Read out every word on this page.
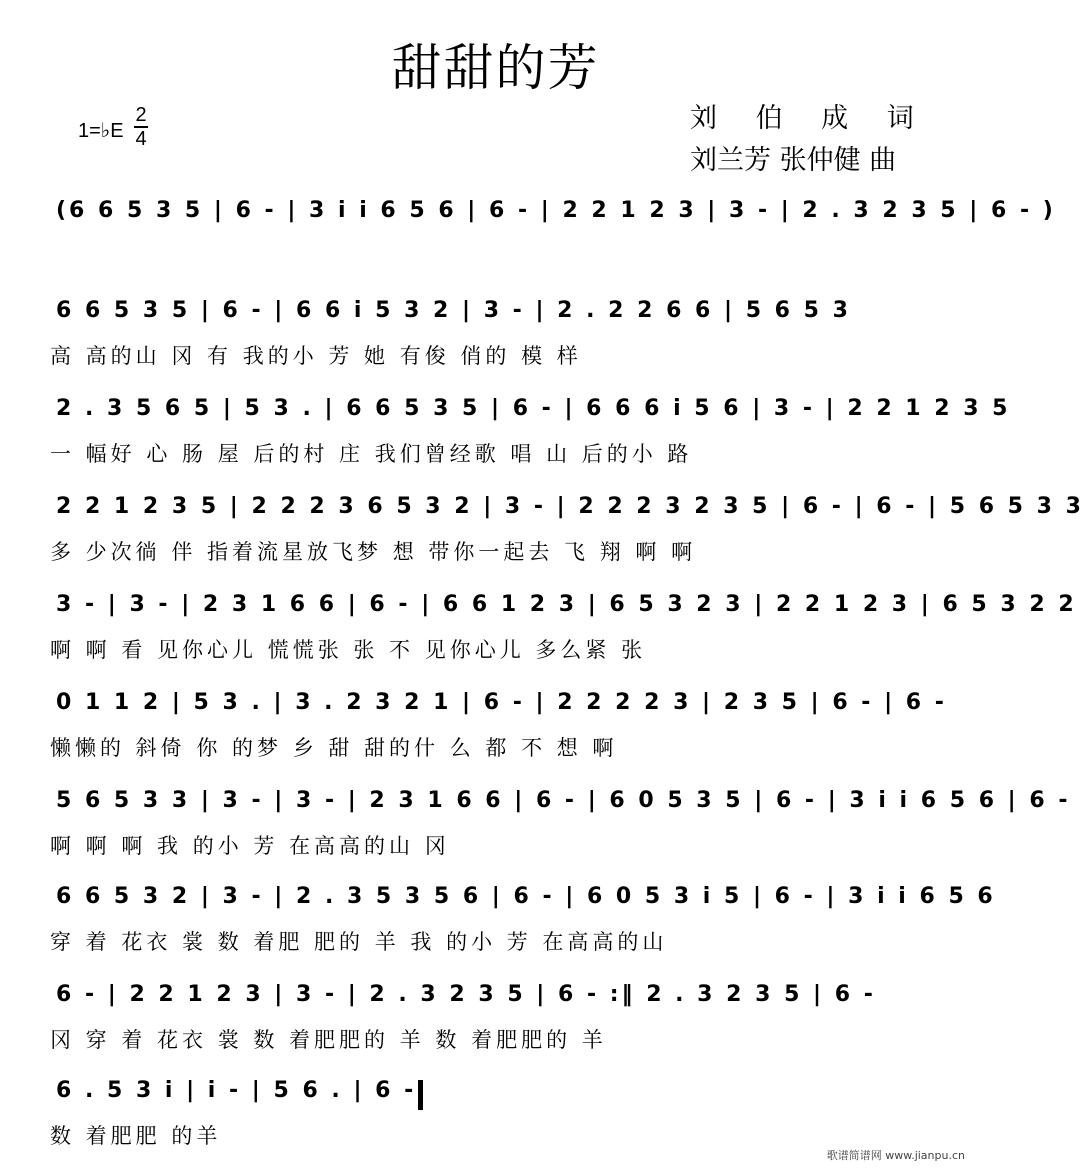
甜甜的芳
1=♭E
2
4
刘 伯 成 词
刘兰芳 张仲健 曲
(6 6 5 3 5 | 6 - | 3 i i 6 5 6 | 6 - | 2 2 1 2 3 | 3 - | 2 . 3 2 3 5 | 6 - )
6 6 5 3 5 | 6 - | 6 6 i 5 3 2 | 3 - | 2 . 2 2 6 6 | 5 6 5 3
高 高的山 冈 有 我的小 芳 她 有俊 俏的 模 样
2 . 3 5 6 5 | 5 3 . | 6 6 5 3 5 | 6 - | 6 6 6 i 5 6 | 3 - | 2 2 1 2 3 5
一 幅好 心 肠 屋 后的村 庄 我们曾经歌 唱 山 后的小 路
2 2 1 2 3 5 | 2 2 2 3 6 5 3 2 | 3 - | 2 2 2 3 2 3 5 | 6 - | 6 - | 5 6 5 3 3
多 少次徜 伴 指着流星放飞梦 想 带你一起去 飞 翔 啊 啊
3 - | 3 - | 2 3 1 6 6 | 6 - | 6 6 1 2 3 | 6 5 3 2 3 | 2 2 1 2 3 | 6 5 3 2 2
啊 啊 看 见你心儿 慌慌张 张 不 见你心儿 多么紧 张
0 1 1 2 | 5 3 . | 3 . 2 3 2 1 | 6 - | 2 2 2 2 3 | 2 3 5 | 6 - | 6 -
懒懒的 斜倚 你 的梦 乡 甜 甜的什 么 都 不 想 啊
5 6 5 3 3 | 3 - | 3 - | 2 3 1 6 6 | 6 - | 6 0 5 3 5 | 6 - | 3 i i 6 5 6 | 6 -
啊 啊 啊 我 的小 芳 在高高的山 冈
6 6 5 3 2 | 3 - | 2 . 3 5 3 5 6 | 6 - | 6 0 5 3 i 5 | 6 - | 3 i i 6 5 6
穿 着 花衣 裳 数 着肥 肥的 羊 我 的小 芳 在高高的山
6 - | 2 2 1 2 3 | 3 - | 2 . 3 2 3 5 | 6 - :‖ 2 . 3 2 3 5 | 6 -
冈 穿 着 花衣 裳 数 着肥肥的 羊 数 着肥肥的 羊
6 . 5 3 i | i - | 5 6 . | 6 -
数 着肥肥 的羊
歌谱简谱网 www.jianpu.cn
